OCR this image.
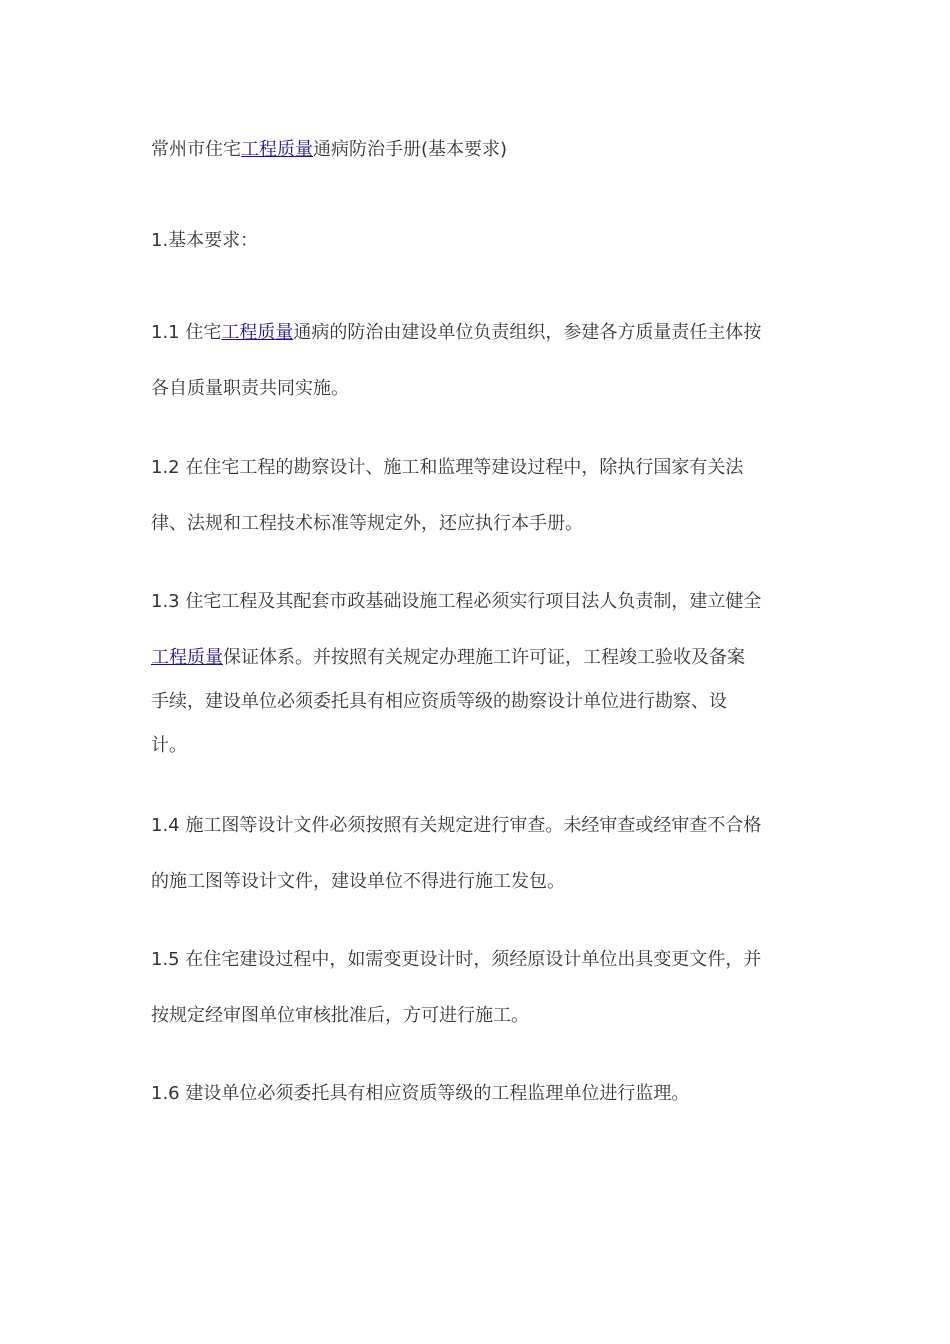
常州市住宅工程质量通病防治手册(基本要求)
1.基本要求：
1.1 住宅工程质量通病的防治由建设单位负责组织，参建各方质量责任主体按
各自质量职责共同实施。
1.2 在住宅工程的勘察设计、施工和监理等建设过程中，除执行国家有关法
律、法规和工程技术标准等规定外，还应执行本手册。
1.3 住宅工程及其配套市政基础设施工程必须实行项目法人负责制，建立健全
工程质量保证体系。并按照有关规定办理施工许可证，工程竣工验收及备案
手续，建设单位必须委托具有相应资质等级的勘察设计单位进行勘察、设
计。
1.4 施工图等设计文件必须按照有关规定进行审查。未经审查或经审查不合格
的施工图等设计文件，建设单位不得进行施工发包。
1.5 在住宅建设过程中，如需变更设计时，须经原设计单位出具变更文件，并
按规定经审图单位审核批准后，方可进行施工。
1.6 建设单位必须委托具有相应资质等级的工程监理单位进行监理。
